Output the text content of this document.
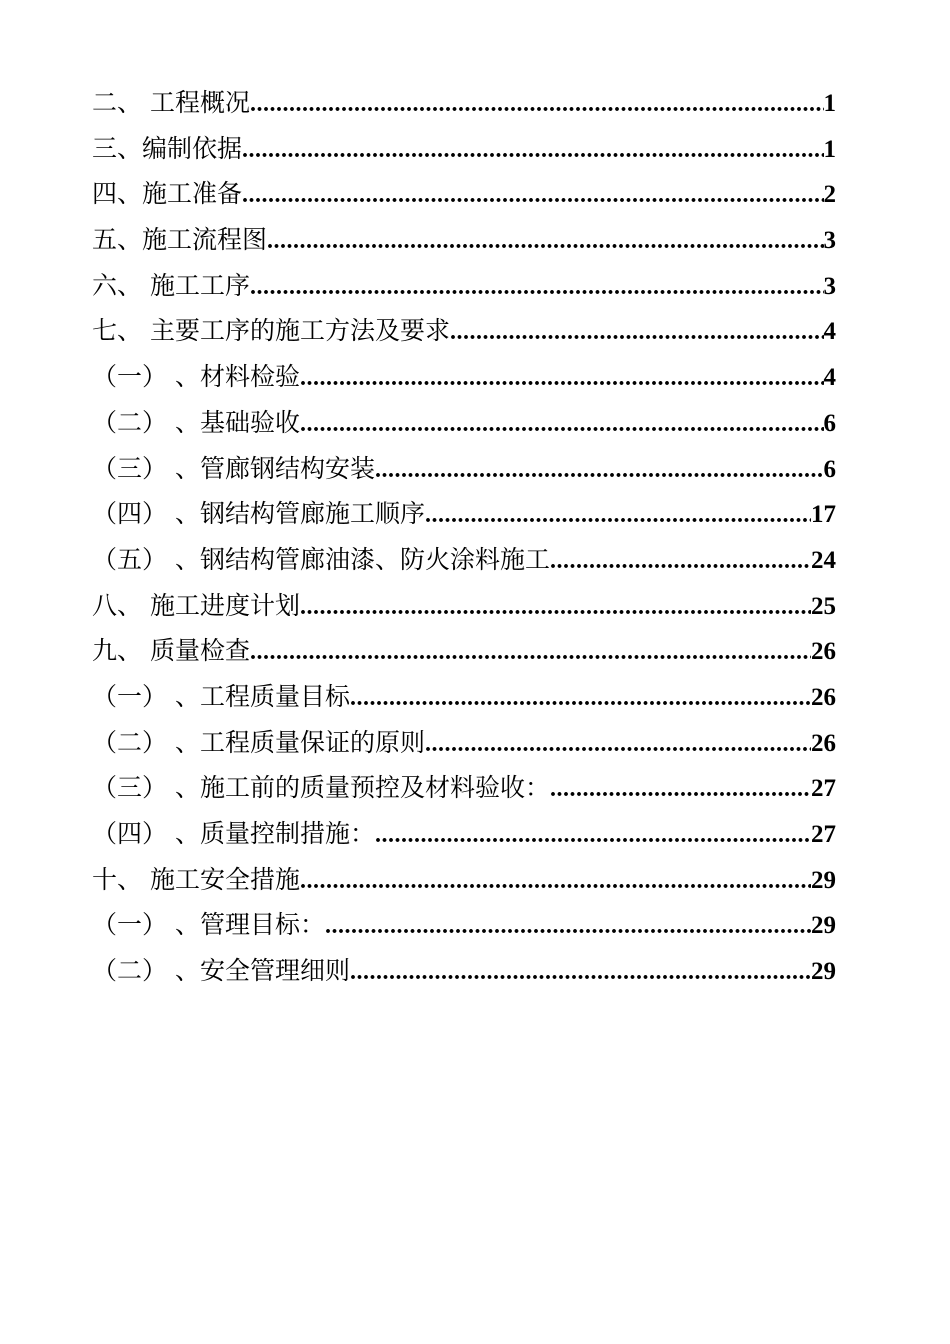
二、 工程概况 .....	1
三、编制依据 .....	1
四、施工准备 .....	2
五、施工流程图 .....	3
六、 施工工序 .....	3
七、 主要工序的施工方法及要求 .....	4
（一） 、材料检验 .....	4
（二） 、基础验收 .....	6
（三） 、管廊钢结构安装 .....	6
（四） 、钢结构管廊施工顺序 .....	17
（五） 、钢结构管廊油漆、防火涂料施工 .....	24
八、 施工进度计划 .....	25
九、 质量检查 .....	26
（一） 、工程质量目标 .....	26
（二） 、工程质量保证的原则 .....	26
（三） 、施工前的质量预控及材料验收： .....	27
（四） 、质量控制措施： .....	27
十、 施工安全措施 .....	29
（一） 、管理目标： .....	29
（二） 、安全管理细则 .....	29
